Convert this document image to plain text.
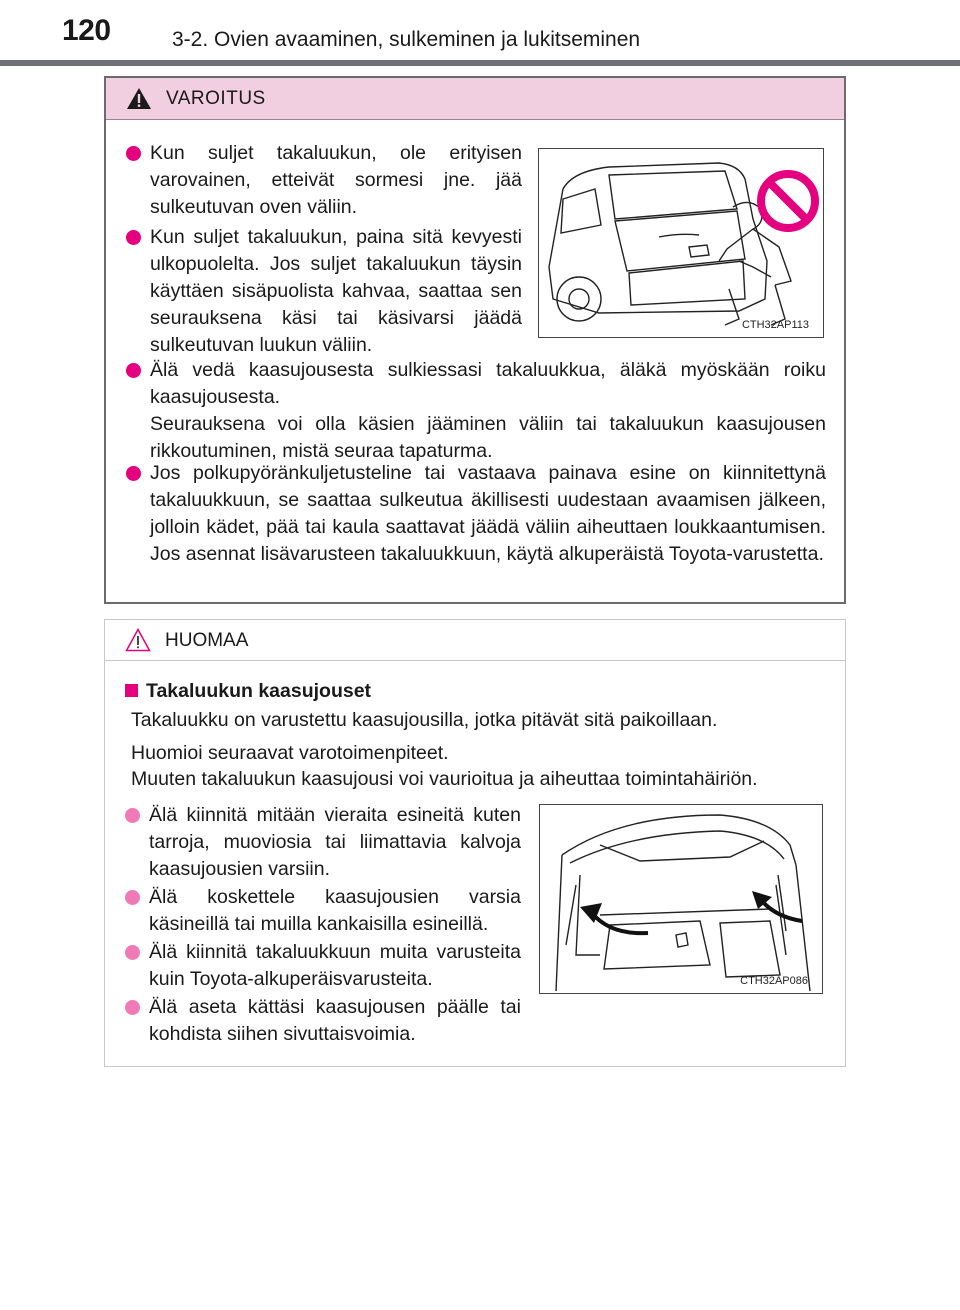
120	3-2. Ovien avaaminen, sulkeminen ja lukitseminen
VAROITUS

Kun suljet takaluukun, ole erityisen varovainen, etteivät sormesi jne. jää sulkeutuvan oven väliin.

Kun suljet takaluukun, paina sitä kevyesti ulkopuolelta. Jos suljet takaluukun täysin käyttäen sisäpuolista kahvaa, saattaa sen seurauksena käsi tai käsivarsi jäädä sulkeutuvan luukun väliin.

CTH32AP113

Älä vedä kaasujousesta sulkiessasi takaluukkua, äläkä myöskään roiku kaasujousesta.

Seurauksena voi olla käsien jääminen väliin tai takaluukun kaasujousen rikkoutuminen, mistä seuraa tapaturma.

Jos polkupyöränkuljetusteline tai vastaava painava esine on kiinnitettynä takaluukkuun, se saattaa sulkeutua äkillisesti uudestaan avaamisen jälkeen, jolloin kädet, pää tai kaula saattavat jäädä väliin aiheuttaen loukkaantumisen. Jos asennat lisävarusteen takaluukkuun, käytä alkuperäistä Toyota-varustetta.

HUOMAA
Takaluukun kaasujouset

Takaluukku on varustettu kaasujousilla, jotka pitävät sitä paikoillaan.

Huomioi seuraavat varotoimenpiteet.

Muuten takaluukun kaasujousi voi vaurioitua ja aiheuttaa toimintahäiriön.

Älä kiinnitä mitään vieraita esineitä kuten tarroja, muoviosia tai liimattavia kalvoja kaasujousien varsiin.

Älä koskettele kaasujousien varsia käsineillä tai muilla kankaisilla esineillä.

Älä kiinnitä takaluukkuun muita varusteita kuin Toyota-alkuperäisvarusteita.

Älä aseta kättäsi kaasujousen päälle tai kohdista siihen sivuttaisvoimia.

CTH32AP086
